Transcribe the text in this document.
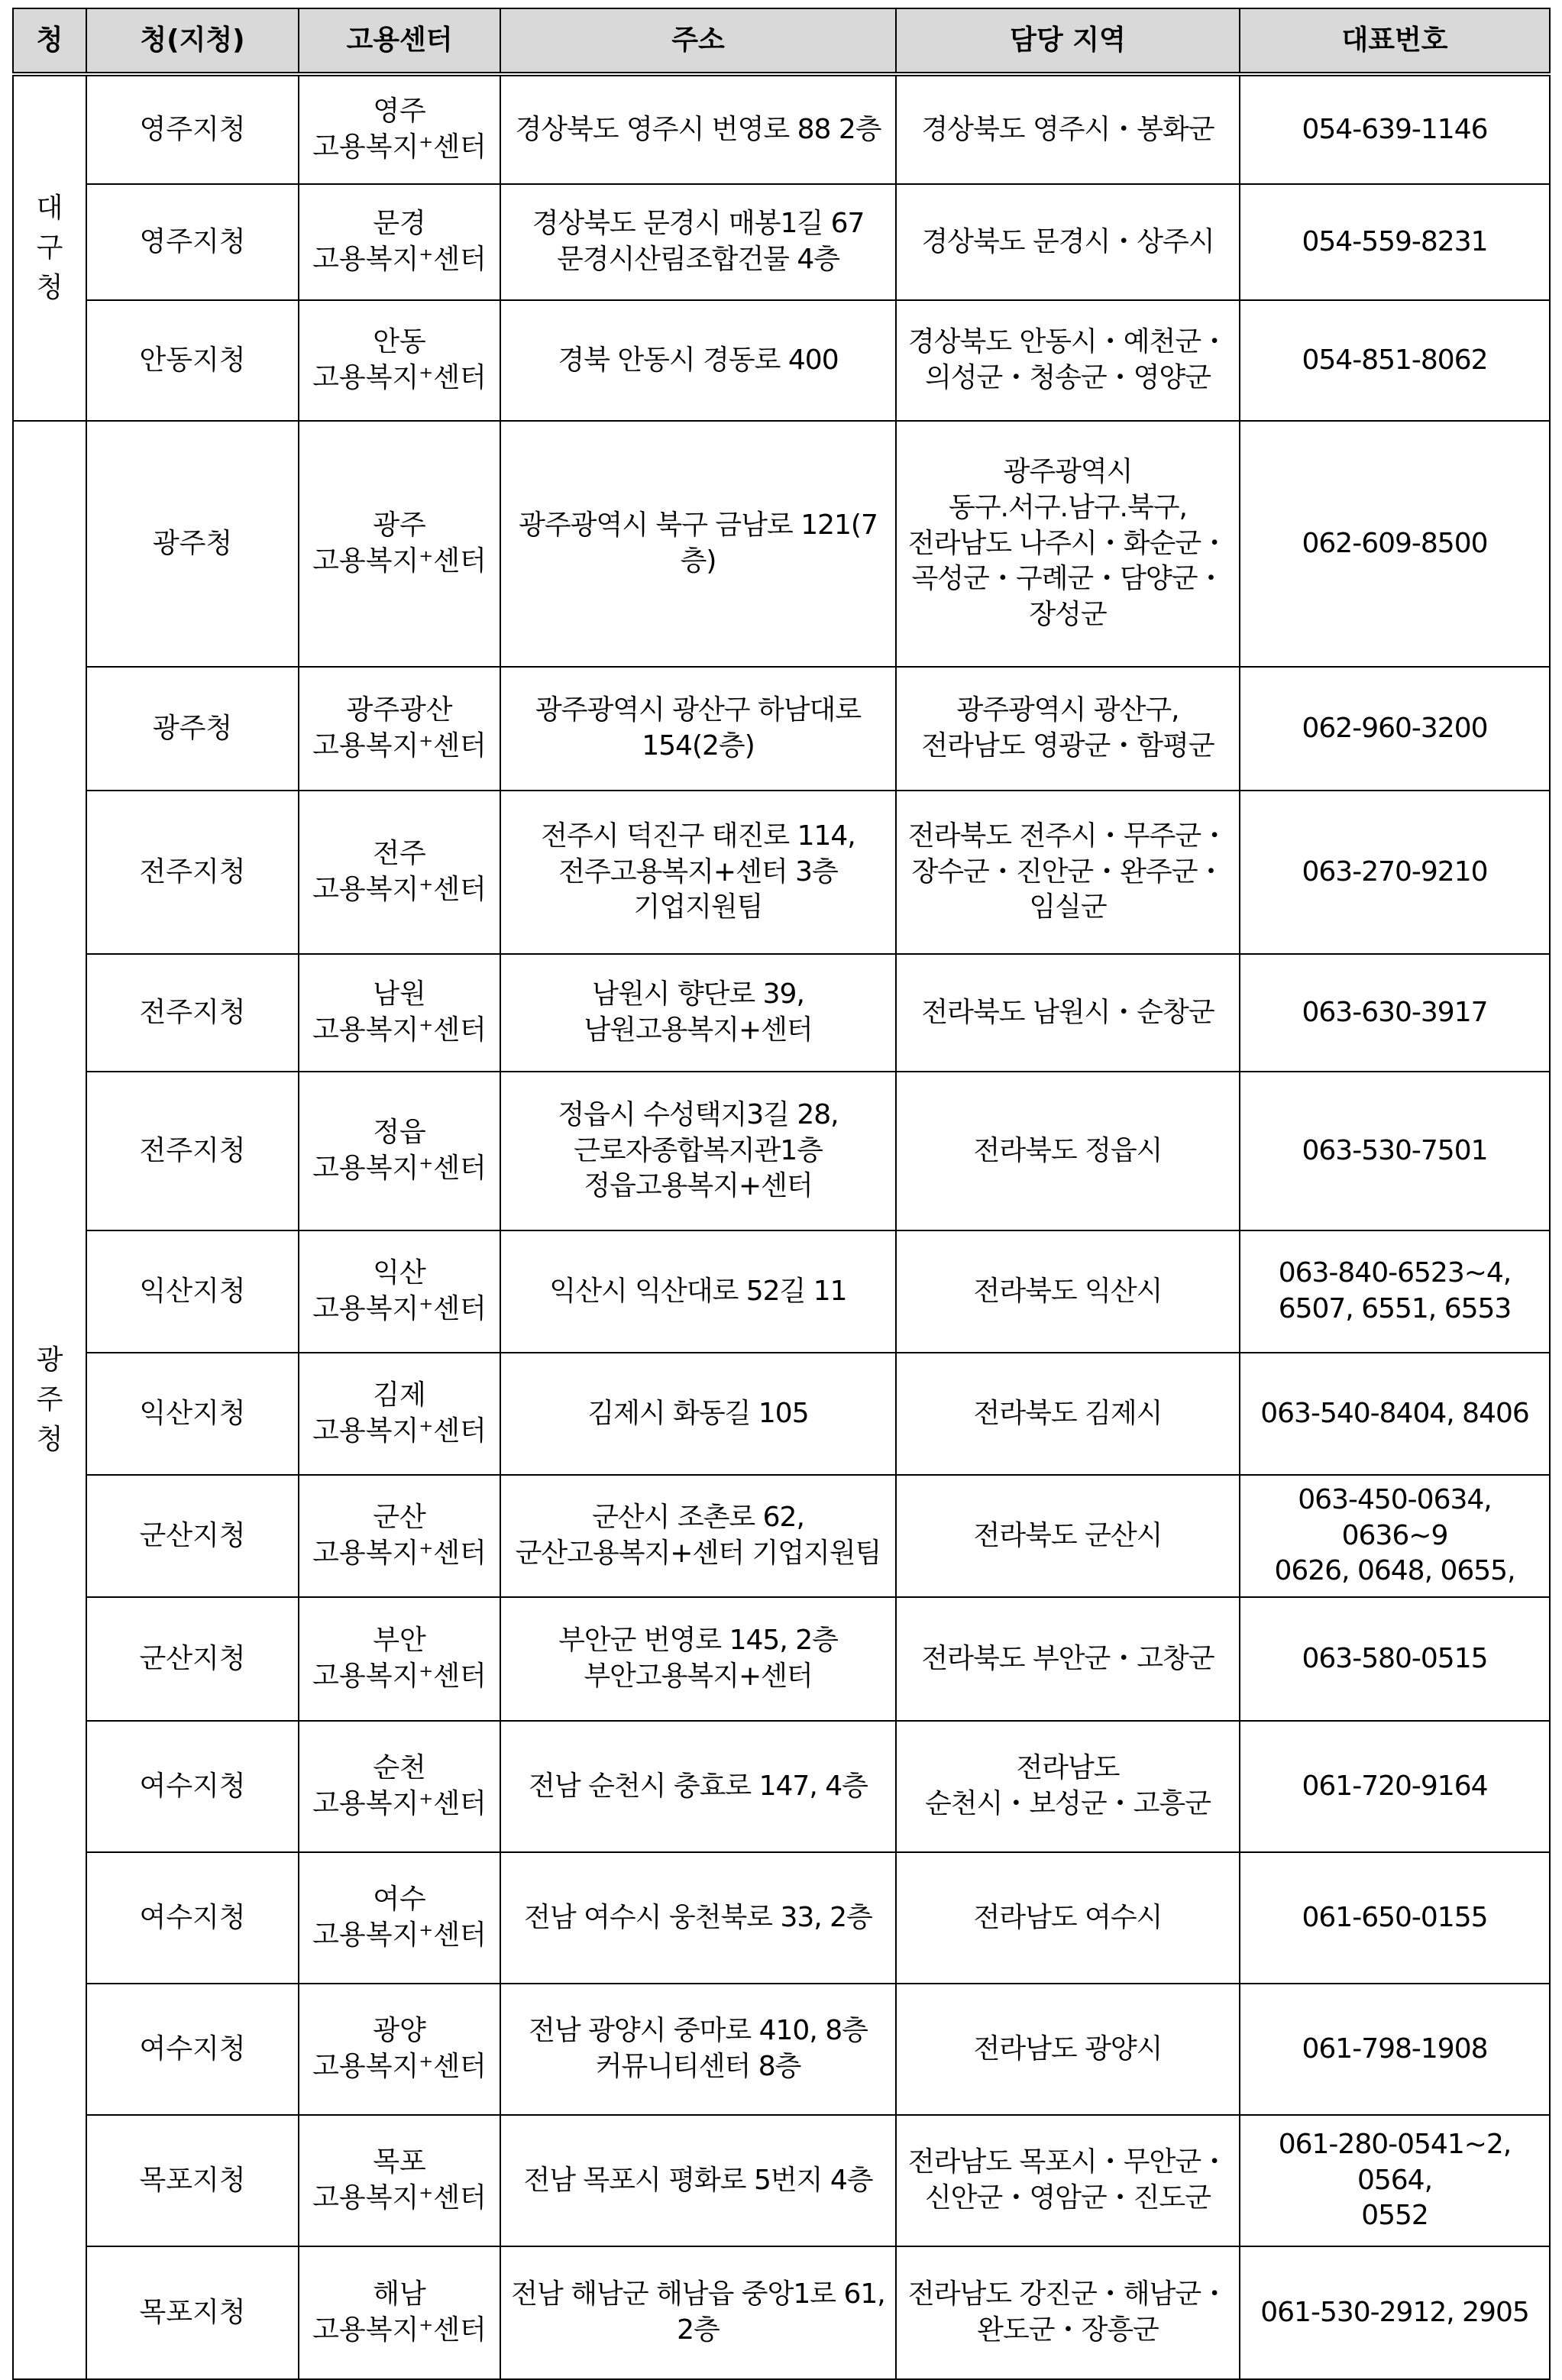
청	청(지청)	고용센터	주소	담당 지역	대표번호

대
구
청	영주지청	영주
고용복지⁺센터	경상북도 영주시 번영로 88 2층	경상북도 영주시・봉화군	054-639-1146

	영주지청	문경
고용복지⁺센터	경상북도 문경시 매봉1길 67
문경시산림조합건물 4층	경상북도 문경시・상주시	054-559-8231

	안동지청	안동
고용복지⁺센터	경북 안동시 경동로 400	경상북도 안동시・예천군・
의성군・청송군・영양군	054-851-8062

광
주
청	광주청	광주
고용복지⁺센터	광주광역시 북구 금남로 121(7층)	광주광역시
동구.서구.남구.북구,
전라남도 나주시・화순군・
곡성군・구례군・담양군・
장성군	062-609-8500

	광주청	광주광산
고용복지⁺센터	광주광역시 광산구 하남대로
154(2층)	광주광역시 광산구,
전라남도 영광군・함평군	062-960-3200

	전주지청	전주
고용복지⁺센터	전주시 덕진구 태진로 114,
전주고용복지+센터 3층
기업지원팀	전라북도 전주시・무주군・
장수군・진안군・완주군・
임실군	063-270-9210

	전주지청	남원
고용복지⁺센터	남원시 향단로 39,
남원고용복지+센터	전라북도 남원시・순창군	063-630-3917

	전주지청	정읍
고용복지⁺센터	정읍시 수성택지3길 28,
근로자종합복지관1층
정읍고용복지+센터	전라북도 정읍시	063-530-7501

	익산지청	익산
고용복지⁺센터	익산시 익산대로 52길 11	전라북도 익산시	063-840-6523~4,
6507, 6551, 6553

	익산지청	김제
고용복지⁺센터	김제시 화동길 105	전라북도 김제시	063-540-8404, 8406

	군산지청	군산
고용복지⁺센터	군산시 조촌로 62,
군산고용복지+센터 기업지원팀	전라북도 군산시	063-450-0634, 0636~9
0626, 0648, 0655,

	군산지청	부안
고용복지⁺센터	부안군 번영로 145, 2층
부안고용복지+센터	전라북도 부안군・고창군	063-580-0515

	여수지청	순천
고용복지⁺센터	전남 순천시 충효로 147, 4층	전라남도
순천시・보성군・고흥군	061-720-9164

	여수지청	여수
고용복지⁺센터	전남 여수시 웅천북로 33, 2층	전라남도 여수시	061-650-0155

	여수지청	광양
고용복지⁺센터	전남 광양시 중마로 410, 8층
커뮤니티센터 8층	전라남도 광양시	061-798-1908

	목포지청	목포
고용복지⁺센터	전남 목포시 평화로 5번지 4층	전라남도 목포시・무안군・
신안군・영암군・진도군	061-280-0541~2, 0564,
0552

	목포지청	해남
고용복지⁺센터	전남 해남군 해남읍 중앙1로 61,
2층	전라남도 강진군・해남군・
완도군・장흥군	061-530-2912, 2905
